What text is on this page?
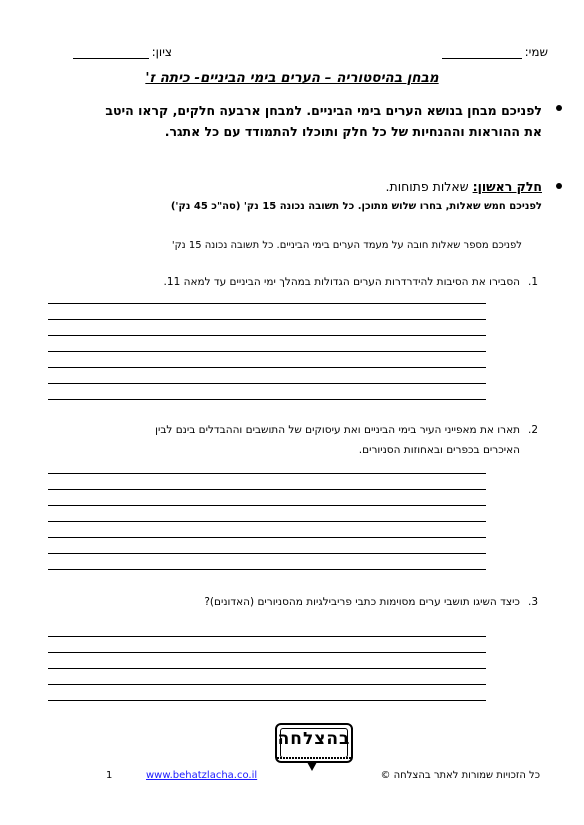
שמי:
ציון:
מבחן בהיסטוריה – הערים בימי הביניים- כיתה ז'

לפניכם מבחן בנושא הערים בימי הביניים. למבחן ארבעה חלקים, קראו היטב

את ההוראות וההנחיות של כל חלק ותוכלו להתמודד עם כל אתגר.

חלק ראשון: שאלות פתוחות.

לפניכם חמש שאלות, בחרו שלוש מתוכן. כל תשובה נכונה 15 נק' (סה"כ 45 נק')

לפניכם מספר שאלות חובה על מעמד הערים בימי הביניים. כל תשובה נכונה 15 נק'
1.

הסבירו את הסיבות להידרדרות הערים הגדולות במהלך ימי הביניים עד למאה 11.

2.

תארו את מאפייני העיר בימי הביניים ואת עיסוקים של התושבים וההבדלים בינם לבין

האיכרים בכפרים ובאחוזות הסניורים.

3.

כיצד השיגו תושבי ערים מסוימות כתבי פריבילגיות מהסניורים (האדונים)?

בהצלחה
כל הזכויות שמורות לאתר בהצלחה ©
www.behatzlacha.co.il
1
